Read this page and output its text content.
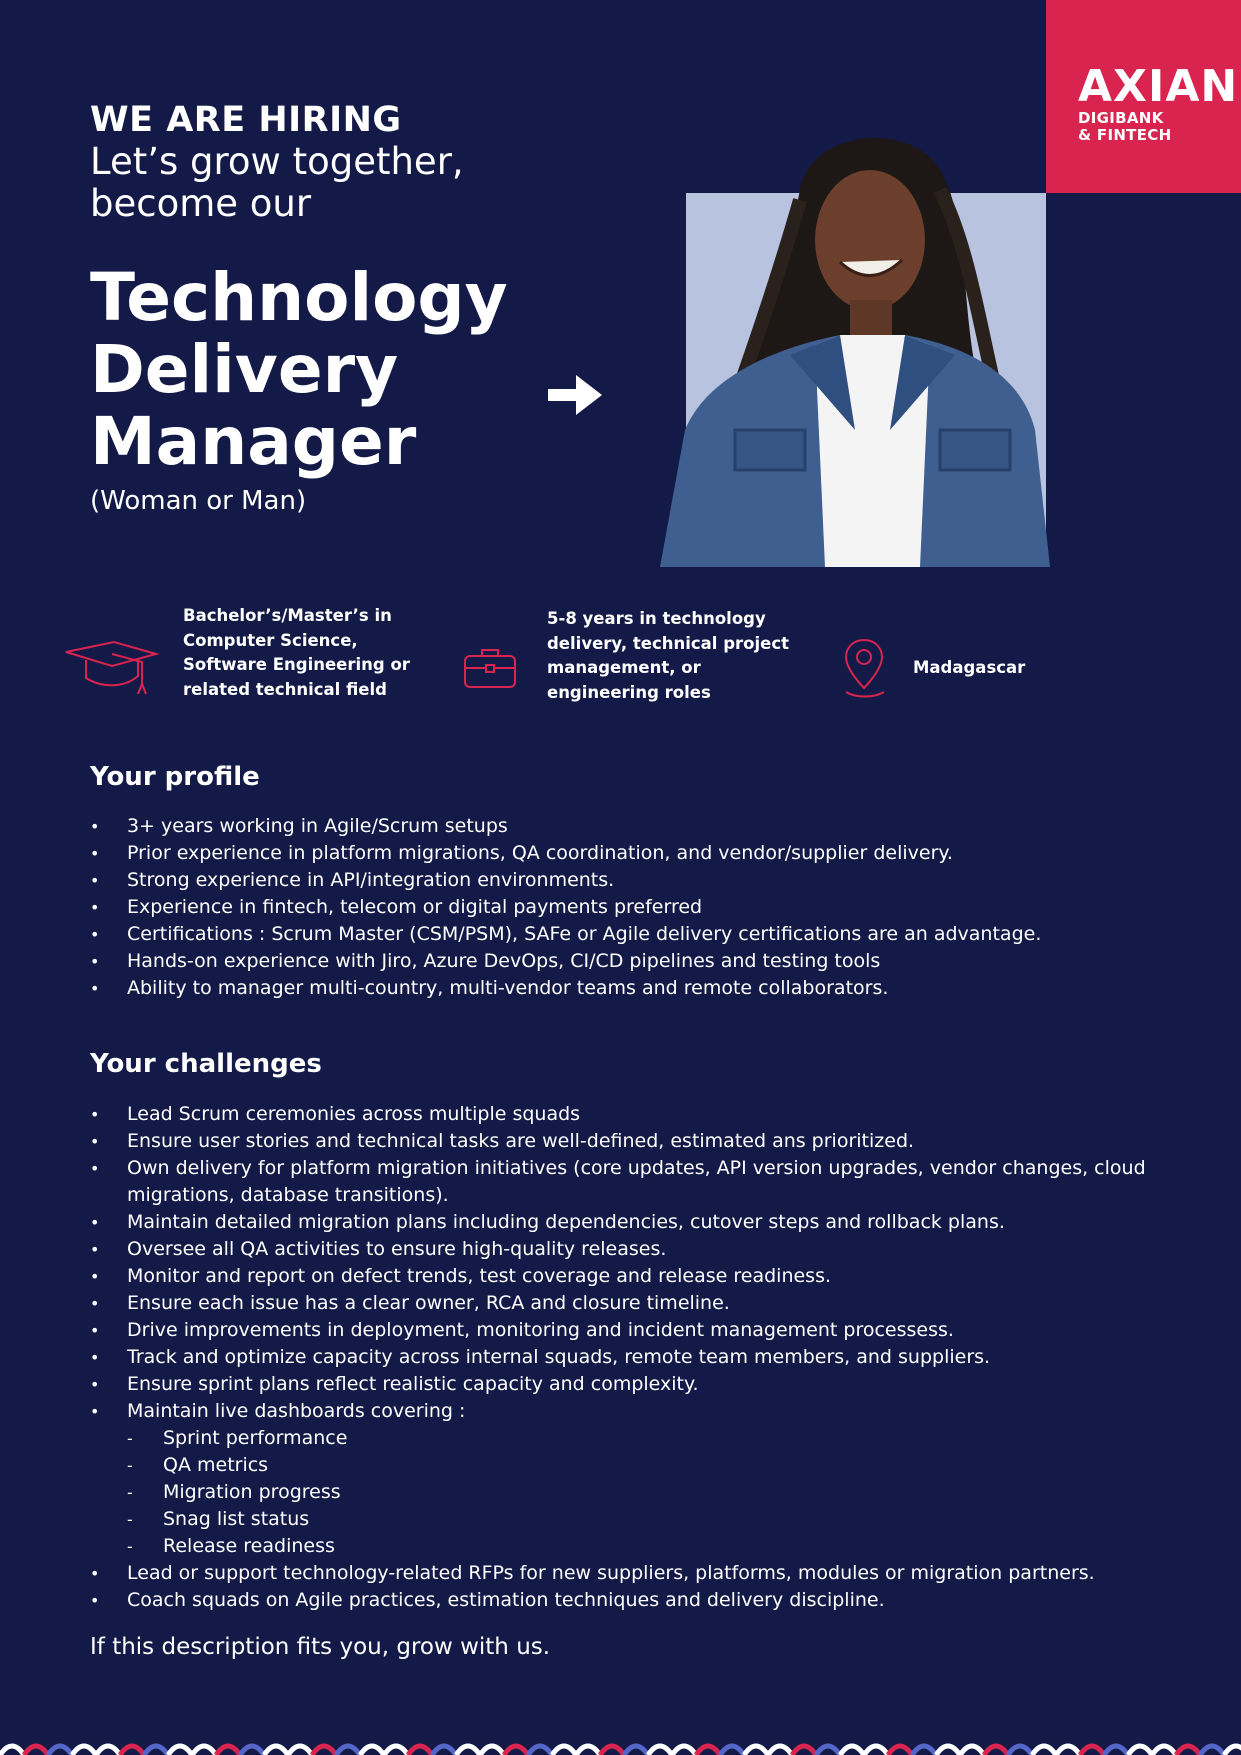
WE ARE HIRING
Let’s grow together, become our
Technology
Delivery
Manager
(Woman or Man)
AXIAN
DIGIBANK
& FINTECH
Bachelor’s/Master’s in Computer Science, Software Engineering or related technical field
5-8 years in technology delivery, technical project management, or engineering roles
Madagascar
Your profile
• 3+ years working in Agile/Scrum setups
• Prior experience in platform migrations, QA coordination, and vendor/supplier delivery.
• Strong experience in API/integration environments.
• Experience in fintech, telecom or digital payments preferred
• Certifications : Scrum Master (CSM/PSM), SAFe or Agile delivery certifications are an advantage.
• Hands-on experience with Jiro, Azure DevOps, CI/CD pipelines and testing tools
• Ability to manager multi-country, multi-vendor teams and remote collaborators.
Your challenges
• Lead Scrum ceremonies across multiple squads
• Ensure user stories and technical tasks are well-defined, estimated ans prioritized.
• Own delivery for platform migration initiatives (core updates, API version upgrades, vendor changes, cloud migrations, database transitions).
• Maintain detailed migration plans including dependencies, cutover steps and rollback plans.
• Oversee all QA activities to ensure high-quality releases.
• Monitor and report on defect trends, test coverage and release readiness.
• Ensure each issue has a clear owner, RCA and closure timeline.
• Drive improvements in deployment, monitoring and incident management processess.
• Track and optimize capacity across internal squads, remote team members, and suppliers.
• Ensure sprint plans reflect realistic capacity and complexity.
• Maintain live dashboards covering :
- Sprint performance
- QA metrics
- Migration progress
- Snag list status
- Release readiness
• Lead or support technology-related RFPs for new suppliers, platforms, modules or migration partners.
• Coach squads on Agile practices, estimation techniques and delivery discipline.
If this description fits you, grow with us.
